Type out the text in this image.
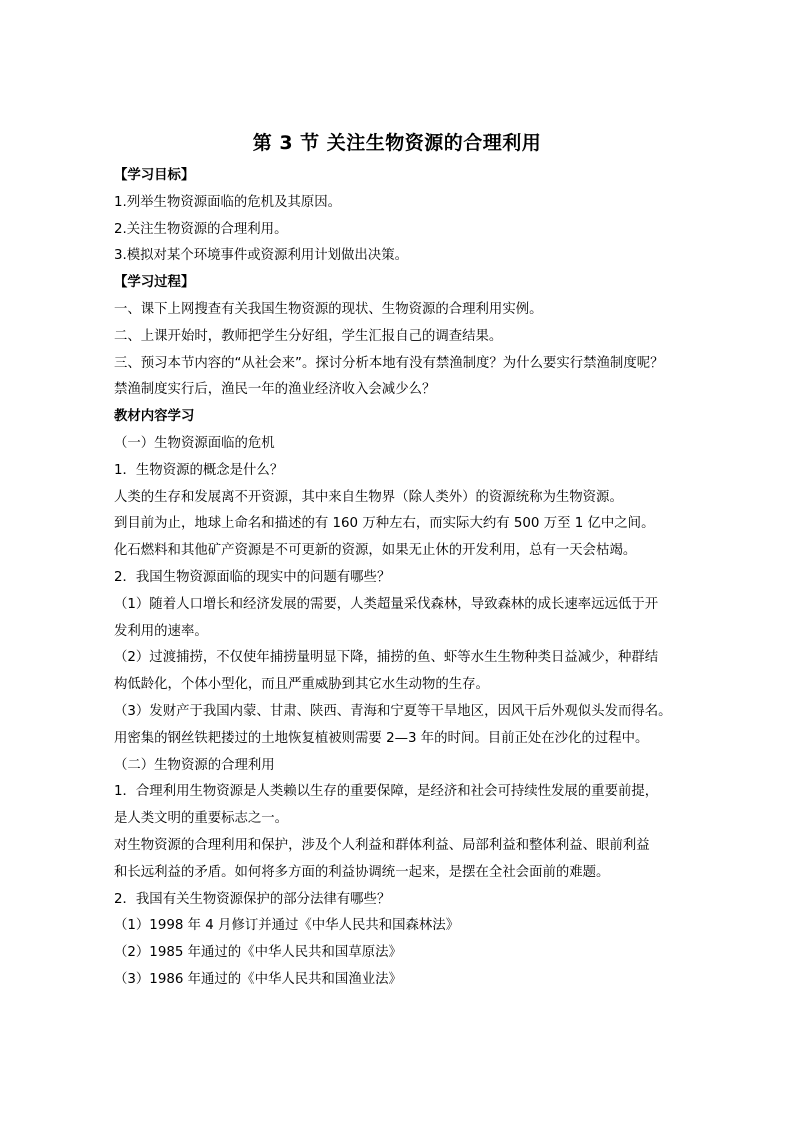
第 3 节 关注生物资源的合理利用
【学习目标】
1.列举生物资源面临的危机及其原因。
2.关注生物资源的合理利用。
3.模拟对某个环境事件或资源利用计划做出决策。
【学习过程】
一、课下上网搜查有关我国生物资源的现状、生物资源的合理利用实例。
二、上课开始时，教师把学生分好组，学生汇报自己的调查结果。
三、预习本节内容的“从社会来”。探讨分析本地有没有禁渔制度？为什么要实行禁渔制度呢？
禁渔制度实行后，渔民一年的渔业经济收入会减少么？
教材内容学习
（一）生物资源面临的危机
1．生物资源的概念是什么？
人类的生存和发展离不开资源，其中来自生物界（除人类外）的资源统称为生物资源。
到目前为止，地球上命名和描述的有 160 万种左右，而实际大约有 500 万至 1 亿中之间。
化石燃料和其他矿产资源是不可更新的资源，如果无止休的开发利用，总有一天会枯竭。
2．我国生物资源面临的现实中的问题有哪些？
（1）随着人口增长和经济发展的需要，人类超量采伐森林，导致森林的成长速率远远低于开
发利用的速率。
（2）过渡捕捞，不仅使年捕捞量明显下降，捕捞的鱼、虾等水生生物种类日益减少，种群结
构低龄化，个体小型化，而且严重威胁到其它水生动物的生存。
（3）发财产于我国内蒙、甘肃、陕西、青海和宁夏等干旱地区，因风干后外观似头发而得名。
用密集的钢丝铁耙搂过的土地恢复植被则需要 2—3 年的时间。目前正处在沙化的过程中。
（二）生物资源的合理利用
1．合理利用生物资源是人类赖以生存的重要保障，是经济和社会可持续性发展的重要前提，
是人类文明的重要标志之一。
对生物资源的合理利用和保护，涉及个人利益和群体利益、局部利益和整体利益、眼前利益
和长远利益的矛盾。如何将多方面的利益协调统一起来，是摆在全社会面前的难题。
2．我国有关生物资源保护的部分法律有哪些？
（1）1998 年 4 月修订并通过《中华人民共和国森林法》
（2）1985 年通过的《中华人民共和国草原法》
（3）1986 年通过的《中华人民共和国渔业法》
